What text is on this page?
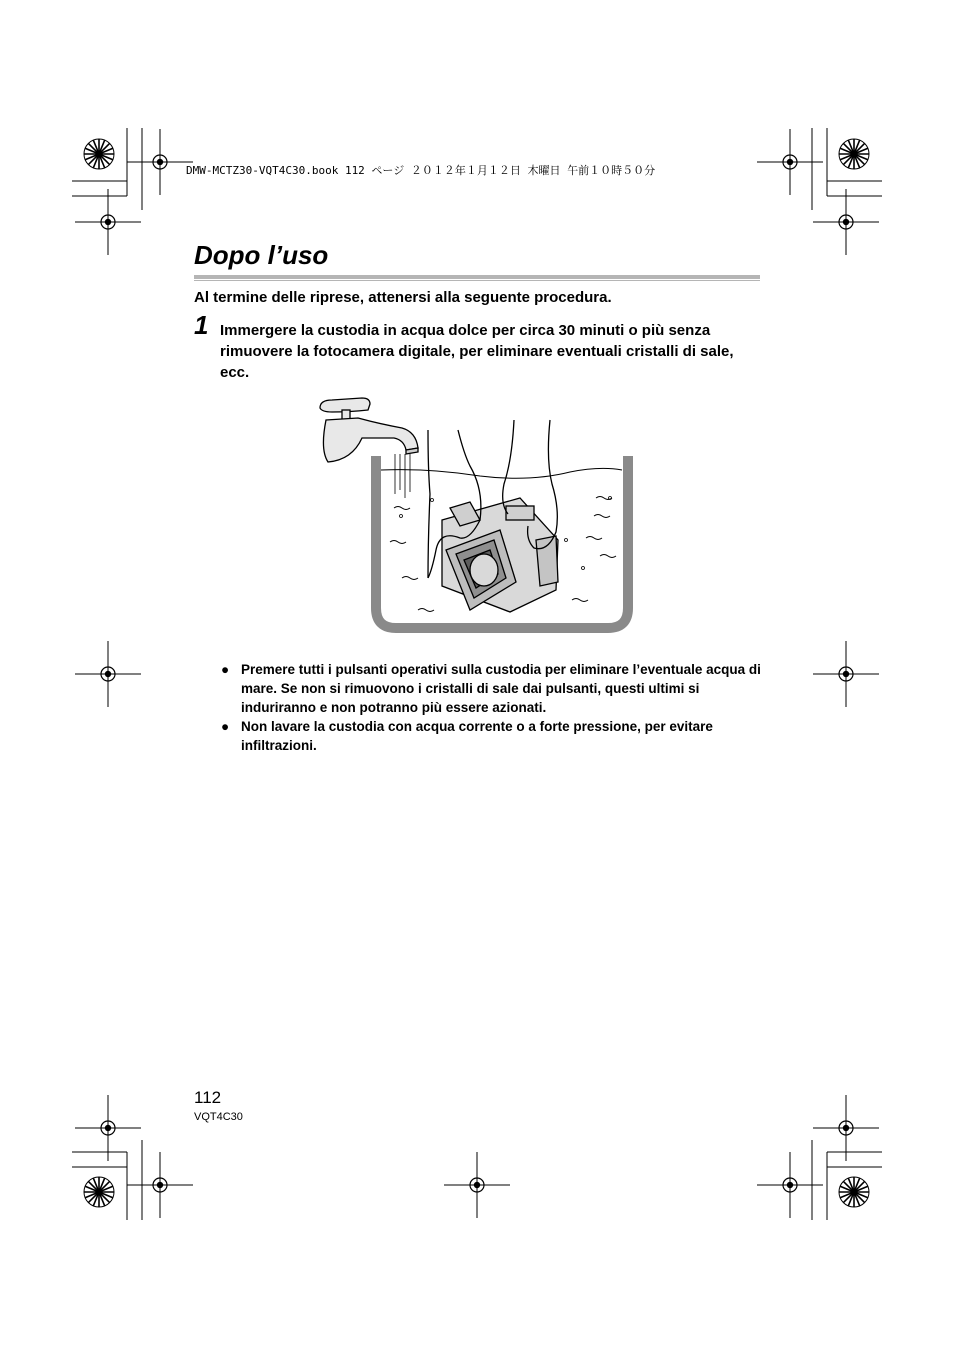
DMW-MCTZ30-VQT4C30.book 112 ページ ２０１２年１月１２日 木曜日 午前１０時５０分
Dopo l’uso
Al termine delle riprese, attenersi alla seguente procedura.
1 Immergere la custodia in acqua dolce per circa 30 minuti o più senza rimuovere la fotocamera digitale, per eliminare eventuali cristalli di sale, ecc.
● Premere tutti i pulsanti operativi sulla custodia per eliminare l’eventuale acqua di mare. Se non si rimuovono i cristalli di sale dai pulsanti, questi ultimi si induriranno e non potranno più essere azionati.
● Non lavare la custodia con acqua corrente o a forte pressione, per evitare infiltrazioni.
112
VQT4C30
